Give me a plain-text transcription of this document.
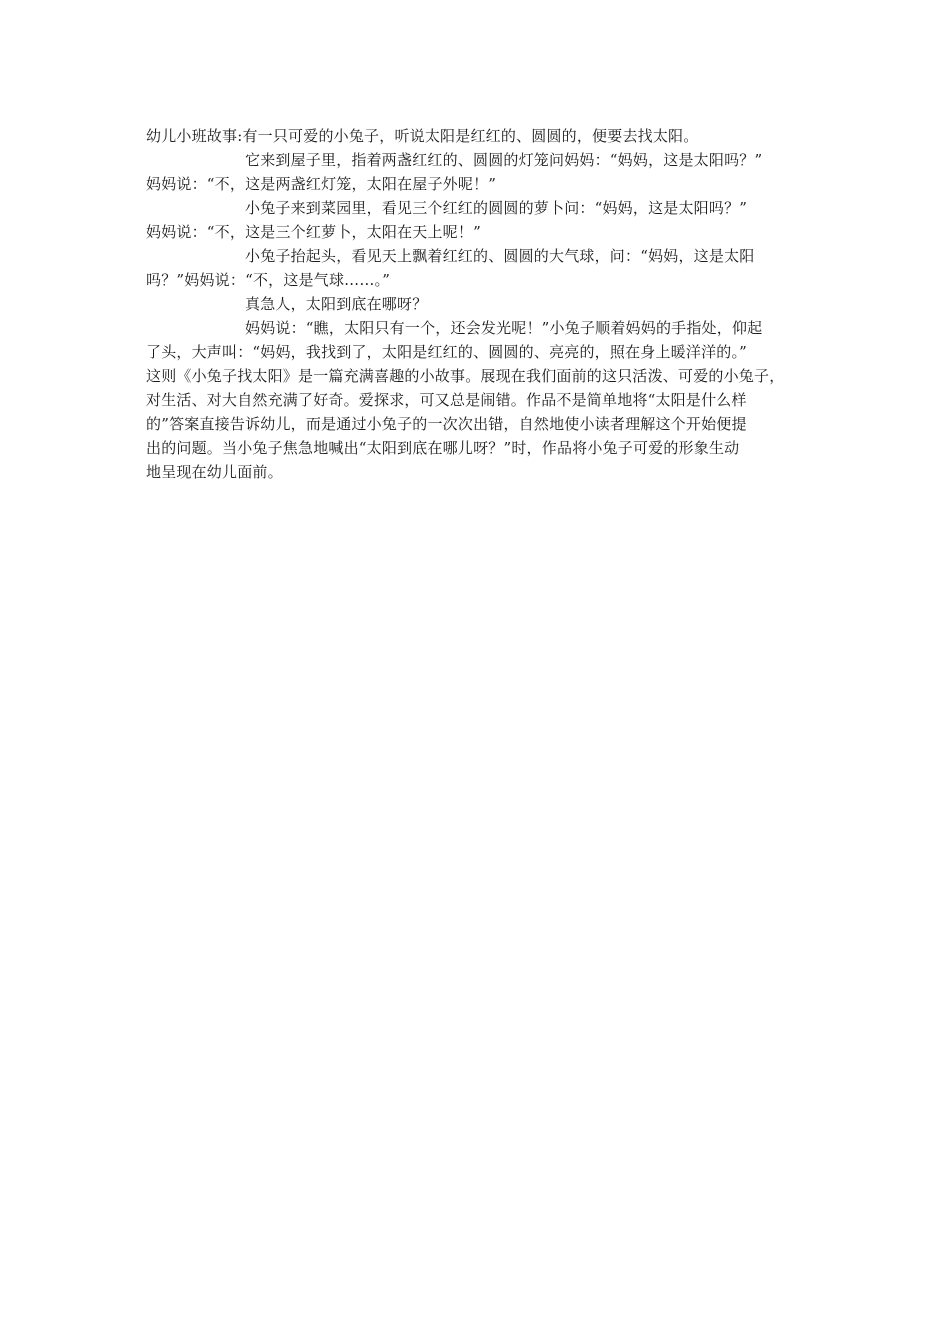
幼儿小班故事:有一只可爱的小兔子，听说太阳是红红的、圆圆的，便要去找太阳。
它来到屋子里，指着两盏红红的、圆圆的灯笼问妈妈：“妈妈，这是太阳吗？”
妈妈说：“不，这是两盏红灯笼，太阳在屋子外呢！”
小兔子来到菜园里，看见三个红红的圆圆的萝卜问：“妈妈，这是太阳吗？”
妈妈说：“不，这是三个红萝卜，太阳在天上呢！”
小兔子抬起头，看见天上飘着红红的、圆圆的大气球，问：“妈妈，这是太阳
吗？”妈妈说：“不，这是气球……。”
真急人，太阳到底在哪呀？
妈妈说：“瞧，太阳只有一个，还会发光呢！”小兔子顺着妈妈的手指处，仰起
了头，大声叫：“妈妈，我找到了，太阳是红红的、圆圆的、亮亮的，照在身上暖洋洋的。”
这则《小兔子找太阳》是一篇充满喜趣的小故事。展现在我们面前的这只活泼、可爱的小兔子，
对生活、对大自然充满了好奇。爱探求，可又总是闹错。作品不是简单地将“太阳是什么样
的”答案直接告诉幼儿，而是通过小兔子的一次次出错，自然地使小读者理解这个开始便提
出的问题。当小兔子焦急地喊出“太阳到底在哪儿呀？”时，作品将小兔子可爱的形象生动
地呈现在幼儿面前。
